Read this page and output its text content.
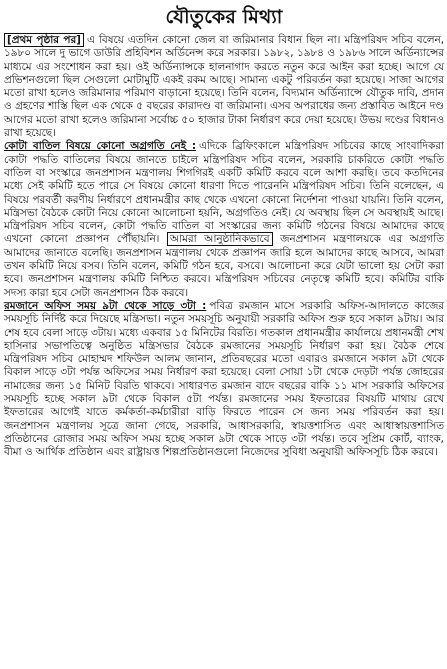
যৌতুকের মিথ্যা

[প্রথম পৃষ্ঠার পর] এ বিষয়ে এতদিন কোনো জেল বা জরিমানার বিধান ছিল না। মন্ত্রিপরিষদ সচিব বলেন, ১৯৮০ সালে দু ভাগে ডাউরি প্রহিবিশন অর্ডিনেন্স করে সরকার। ১৯৮২, ১৯৮৪ ও ১৯৮৬ সালে অর্ডিন্যান্সের মাধ্যমে এর সংশোধন করা হয়। ওই অর্ডিন্যান্সকে হালনাগাদ করতে নতুন করে আইন করা হচ্ছে। আগে যে প্রভিশনগুলো ছিল সেগুলো মোটামুটি একই রকম আছে। সামান্য একটু পরিবর্তন করা হয়েছে। সাজা আগের মতো রাখা হলেও জরিমানার পরিমাণ বাড়ানো হয়েছে। তিনি বলেন, বিদ্যমান অর্ডিন্যান্সে যৌতুক দাবি, প্রদান ও গ্রহণের শাস্তি ছিল এক থেকে ৫ বছরের কারাদণ্ড বা জরিমানা। এসব অপরাধের জন্য প্রস্তাবিত আইনে দণ্ড আগের মতো রাখা হলেও জরিমানা সর্বোচ্চ ৫০ হাজার টাকা নির্ধারণ করে দেয়া হয়েছে। উভয় দণ্ডের বিধানও রাখা হয়েছে।

কোটা বাতিল বিষয়ে কোনো অগ্রগতি নেই : এদিকে ব্রিফিংকালে মন্ত্রিপরিষদ সচিবের কাছে সাংবাদিকরা কোটা পদ্ধতি বাতিলের বিষয়ে জানতে চাইলে মন্ত্রিপরিষদ সচিব বলেন, সরকারি চাকরিতে কোটা পদ্ধতি বাতিল বা সংস্কারে জনপ্রশাসন মন্ত্রণালয় শিগগিরই একটি কমিটি করবে বলে আশা করছি। তবে কতদিনের মধ্যে সেই কমিটি হতে পারে সে বিষয়ে কোনো ধারণা দিতে পারেননি মন্ত্রিপরিষদ সচিব। তিনি বলেছেন, এ বিষয়ে পরবর্তী করণীয় নির্ধারণে প্রধানমন্ত্রীর কাছ থেকে এখনো কোনো নির্দেশনা পাওয়া যায়নি। তিনি বলেন, মন্ত্রিসভা বৈঠকে কোটা নিয়ে কোনো আলোচনা হয়নি, অগ্রগতিও নেই। যে অবস্থায় ছিল সে অবস্থায়ই আছে। মন্ত্রিপরিষদ সচিব বলেন, কোটা পদ্ধতি বাতিল বা সংস্কারের জন্য কমিটি গঠনের বিষয়ে আমাদের কাছে এখনো কোনো প্রজ্ঞাপন পৌঁছায়নি। আমরা আনুষ্ঠানিকভাবে জনপ্রশাসন মন্ত্রণালয়কে এর অগ্রগতি আমাদের জানাতে বলেছি। জনপ্রশাসন মন্ত্রণালয় থেকে প্রজ্ঞাপন জারি হলে আমাদের কাছে আসবে, আমরা তখন কমিটি নিয়ে বসব। তিনি বলেন, কমিটি গঠন হবে, বসবে। আলোচনা করে যেটা ভালো হয় সেটা করা হবে। জনপ্রশাসন মন্ত্রণালয় কমিটি নিশ্চিত করবে। মন্ত্রিপরিষদ সচিবের নেতৃত্বে কমিটি হবে। কমিটির বাকি সদস্য কারা হবে সেটা জনপ্রশাসন ঠিক করবে।

রমজানে অফিস সময় ৯টা থেকে সাড়ে ৩টা : পবিত্র রমজান মাসে সরকারি অফিস-আদালতে কাজের সময়সূচি নির্দিষ্ট করে দিয়েছে মন্ত্রিসভা। নতুন সময়সূচি অনুযায়ী সরকারি অফিস শুরু হবে সকাল ৯টায়। আর শেষ হবে বেলা সাড়ে ৩টায়। মধ্যে একবার ১৫ মিনিটের বিরতি। গতকাল প্রধানমন্ত্রীর কার্যালয়ে প্রধানমন্ত্রী শেখ হাসিনার সভাপতিত্বে অনুষ্ঠিত মন্ত্রিসভার বৈঠকে রমজানের সময়সূচি নির্ধারণ করা হয়। বৈঠক শেষে মন্ত্রিপরিষদ সচিব মোহাম্মদ শফিউল আলম জানান, প্রতিবছরের মতো এবারও রমজানে সকাল ৯টা থেকে বিকাল সাড়ে ৩টা পর্যন্ত অফিসের সময় নির্ধারণ করা হয়েছে। বেলা সোয়া ১টা থেকে দেড়টা পর্যন্ত জোহরের নামাজের জন্য ১৫ মিনিট বিরতি থাকবে। সাধারণত রমজান বাদে বছরের বাকি ১১ মাস সরকারি অফিসের সময়সূচি হচ্ছে সকাল ৯টা থেকে বিকাল ৫টা পর্যন্ত। রমজানের সময় ইফতারের বিষয়টি মাথায় রেখে ইফতারের আগেই যাতে কর্মকর্তা-কর্মচারীরা বাড়ি ফিরতে পারেন সে জন্য সময় পরিবর্তন করা হয়। জনপ্রশাসন মন্ত্রণালয় সূত্রে জানা গেছে, সরকারি, আধাসরকারি, স্বায়ত্তশাসিত এবং আধাস্বায়ত্তশাসিত প্রতিষ্ঠানের রোজার সময় অফিস সময় হচ্ছে সকাল ৯টা থেকে সাড়ে ৩টা পর্যন্ত। তবে সুপ্রিম কোর্ট, ব্যাংক, বীমা ও আর্থিক প্রতিষ্ঠান এবং রাষ্ট্রায়ত্ত শিল্পপ্রতিষ্ঠানগুলো নিজেদের সুবিধা অনুযায়ী অফিসসূচি ঠিক করবে।
